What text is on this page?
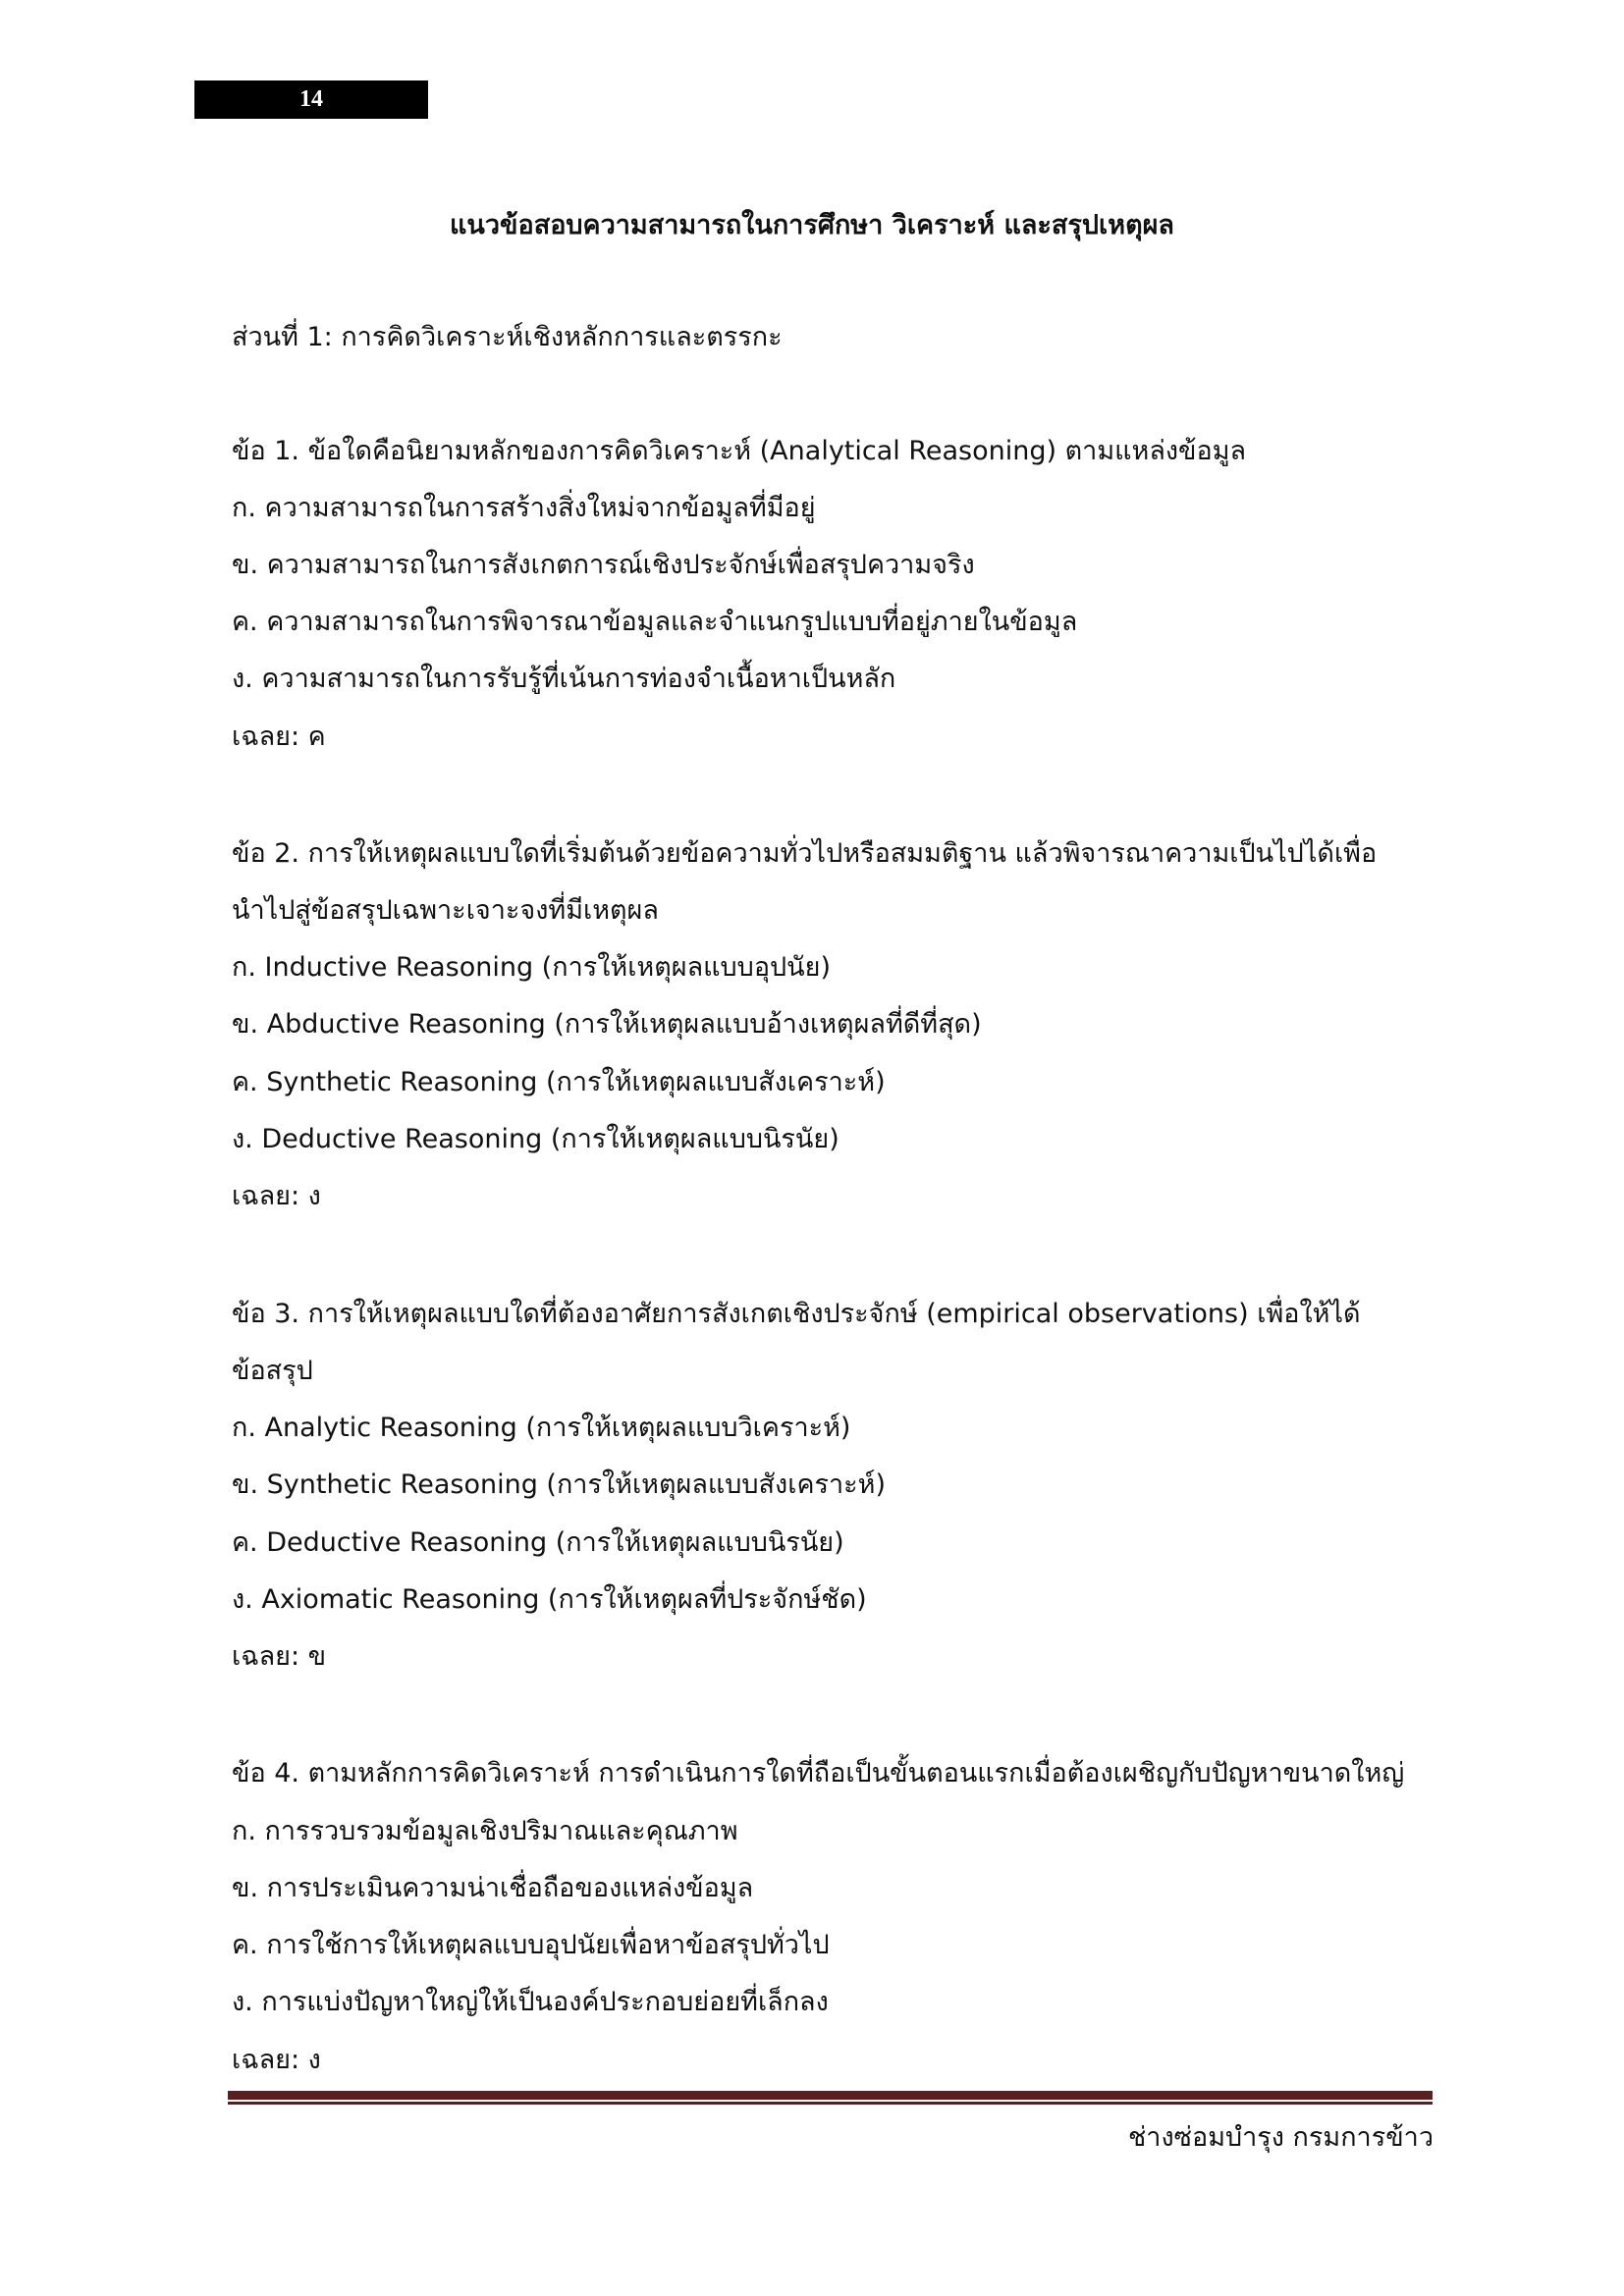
14
แนวข้อสอบความสามารถในการศึกษา วิเคราะห์ และสรุปเหตุผล
ส่วนที่ 1: การคิดวิเคราะห์เชิงหลักการและตรรกะ
ข้อ 1. ข้อใดคือนิยามหลักของการคิดวิเคราะห์ (Analytical Reasoning) ตามแหล่งข้อมูล
ก. ความสามารถในการสร้างสิ่งใหม่จากข้อมูลที่มีอยู่
ข. ความสามารถในการสังเกตการณ์เชิงประจักษ์เพื่อสรุปความจริง
ค. ความสามารถในการพิจารณาข้อมูลและจำแนกรูปแบบที่อยู่ภายในข้อมูล
ง. ความสามารถในการรับรู้ที่เน้นการท่องจำเนื้อหาเป็นหลัก
เฉลย: ค
ข้อ 2. การให้เหตุผลแบบใดที่เริ่มต้นด้วยข้อความทั่วไปหรือสมมติฐาน แล้วพิจารณาความเป็นไปได้เพื่อ
นำไปสู่ข้อสรุปเฉพาะเจาะจงที่มีเหตุผล
ก. Inductive Reasoning (การให้เหตุผลแบบอุปนัย)
ข. Abductive Reasoning (การให้เหตุผลแบบอ้างเหตุผลที่ดีที่สุด)
ค. Synthetic Reasoning (การให้เหตุผลแบบสังเคราะห์)
ง. Deductive Reasoning (การให้เหตุผลแบบนิรนัย)
เฉลย: ง
ข้อ 3. การให้เหตุผลแบบใดที่ต้องอาศัยการสังเกตเชิงประจักษ์ (empirical observations) เพื่อให้ได้
ข้อสรุป
ก. Analytic Reasoning (การให้เหตุผลแบบวิเคราะห์)
ข. Synthetic Reasoning (การให้เหตุผลแบบสังเคราะห์)
ค. Deductive Reasoning (การให้เหตุผลแบบนิรนัย)
ง. Axiomatic Reasoning (การให้เหตุผลที่ประจักษ์ชัด)
เฉลย: ข
ข้อ 4. ตามหลักการคิดวิเคราะห์ การดำเนินการใดที่ถือเป็นขั้นตอนแรกเมื่อต้องเผชิญกับปัญหาขนาดใหญ่
ก. การรวบรวมข้อมูลเชิงปริมาณและคุณภาพ
ข. การประเมินความน่าเชื่อถือของแหล่งข้อมูล
ค. การใช้การให้เหตุผลแบบอุปนัยเพื่อหาข้อสรุปทั่วไป
ง. การแบ่งปัญหาใหญ่ให้เป็นองค์ประกอบย่อยที่เล็กลง
เฉลย: ง
ช่างซ่อมบำรุง กรมการข้าว
